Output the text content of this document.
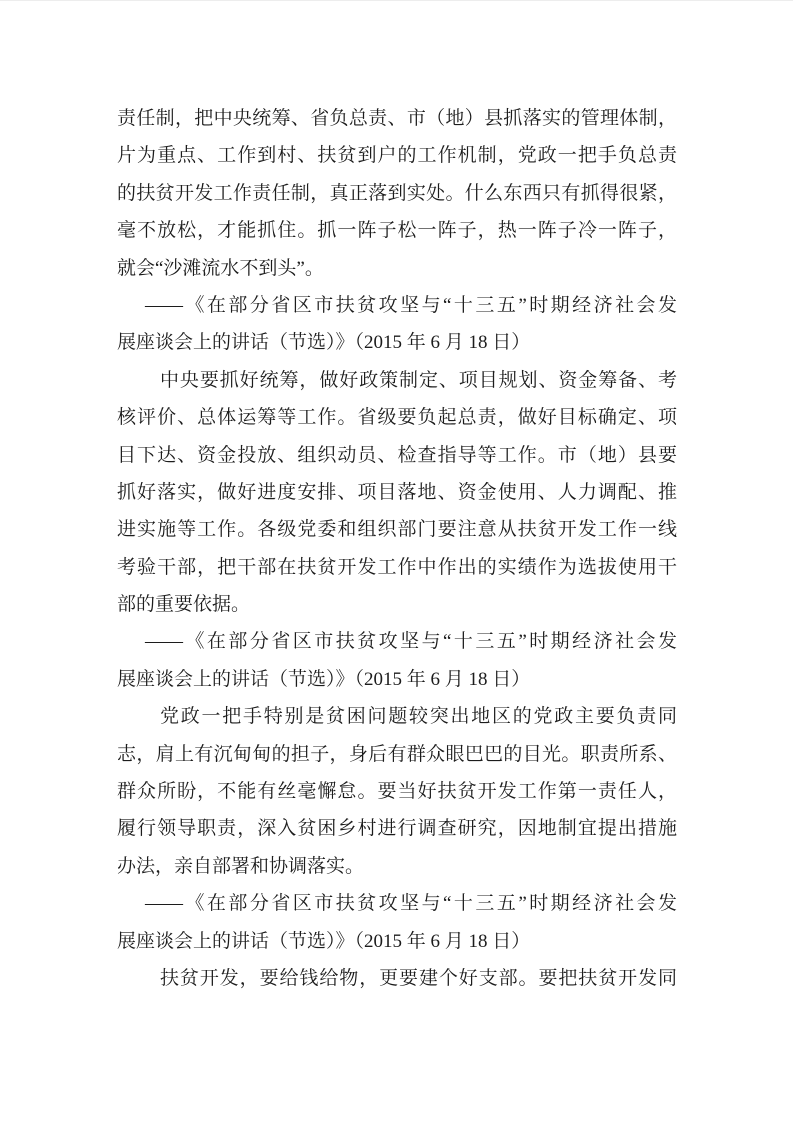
责任制，把中央统筹、省负总责、市（地）县抓落实的管理体制，
片为重点、工作到村、扶贫到户的工作机制，党政一把手负总责
的扶贫开发工作责任制，真正落到实处。什么东西只有抓得很紧，
毫不放松，才能抓住。抓一阵子松一阵子，热一阵子冷一阵子，
就会“沙滩流水不到头”。
——《在部分省区市扶贫攻坚与“十三五”时期经济社会发
展座谈会上的讲话（节选）》（2015 年 6 月 18 日）
中央要抓好统筹，做好政策制定、项目规划、资金筹备、考
核评价、总体运筹等工作。省级要负起总责，做好目标确定、项
目下达、资金投放、组织动员、检查指导等工作。市（地）县要
抓好落实，做好进度安排、项目落地、资金使用、人力调配、推
进实施等工作。各级党委和组织部门要注意从扶贫开发工作一线
考验干部，把干部在扶贫开发工作中作出的实绩作为选拔使用干
部的重要依据。
——《在部分省区市扶贫攻坚与“十三五”时期经济社会发
展座谈会上的讲话（节选）》（2015 年 6 月 18 日）
党政一把手特别是贫困问题较突出地区的党政主要负责同
志，肩上有沉甸甸的担子，身后有群众眼巴巴的目光。职责所系、
群众所盼，不能有丝毫懈怠。要当好扶贫开发工作第一责任人，
履行领导职责，深入贫困乡村进行调查研究，因地制宜提出措施
办法，亲自部署和协调落实。
——《在部分省区市扶贫攻坚与“十三五”时期经济社会发
展座谈会上的讲话（节选）》（2015 年 6 月 18 日）
扶贫开发，要给钱给物，更要建个好支部。要把扶贫开发同
